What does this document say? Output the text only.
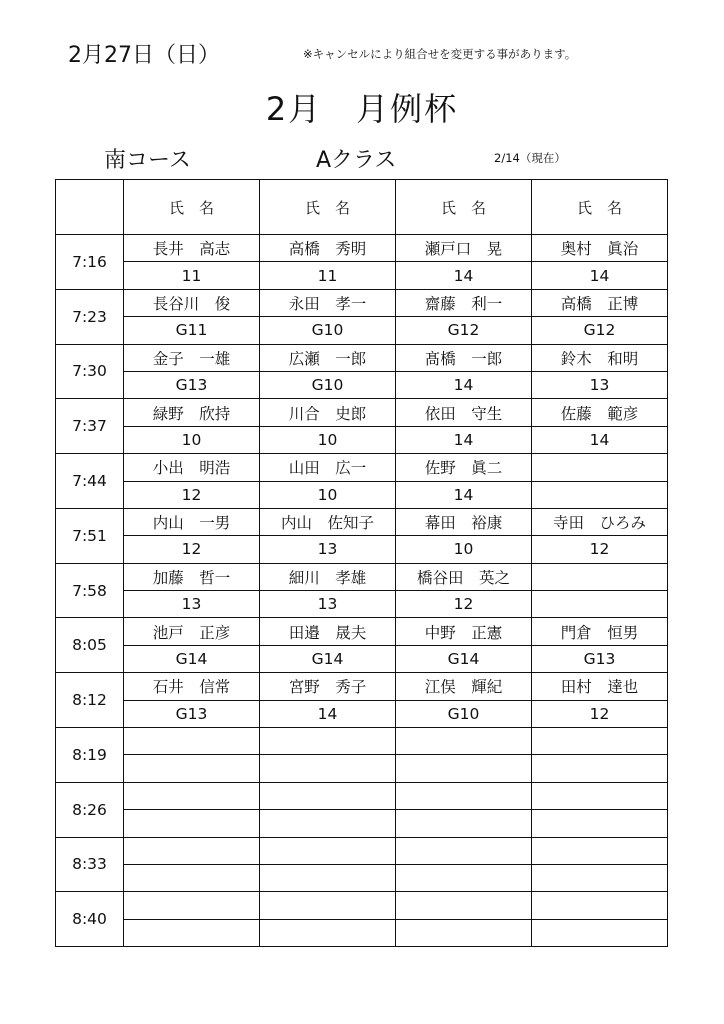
2月27日（日）	※キャンセルにより組合せを変更する事があります。
2月　月例杯
南コース	Aクラス	2/14（現在）
	氏　名	氏　名	氏　名	氏　名
7:16	長井　高志	高橋　秀明	瀬戸口　晃	奥村　眞治
	11	11	14	14
7:23	長谷川　俊	永田　孝一	齋藤　利一	高橋　正博
	G11	G10	G12	G12
7:30	金子　一雄	広瀬　一郎	髙橋　一郎	鈴木　和明
	G13	G10	14	13
7:37	緑野　欣持	川合　史郎	依田　守生	佐藤　範彦
	10	10	14	14
7:44	小出　明浩	山田　広一	佐野　眞二	
	12	10	14	
7:51	内山　一男	内山　佐知子	幕田　裕康	寺田　ひろみ
	12	13	10	12
7:58	加藤　哲一	細川　孝雄	橋谷田　英之	
	13	13	12	
8:05	池戸　正彦	田邉　晟夫	中野　正憲	門倉　恒男
	G14	G14	G14	G13
8:12	石井　信常	宮野　秀子	江俣　輝紀	田村　達也
	G13	14	G10	12
8:19				

8:26				

8:33				

8:40				
